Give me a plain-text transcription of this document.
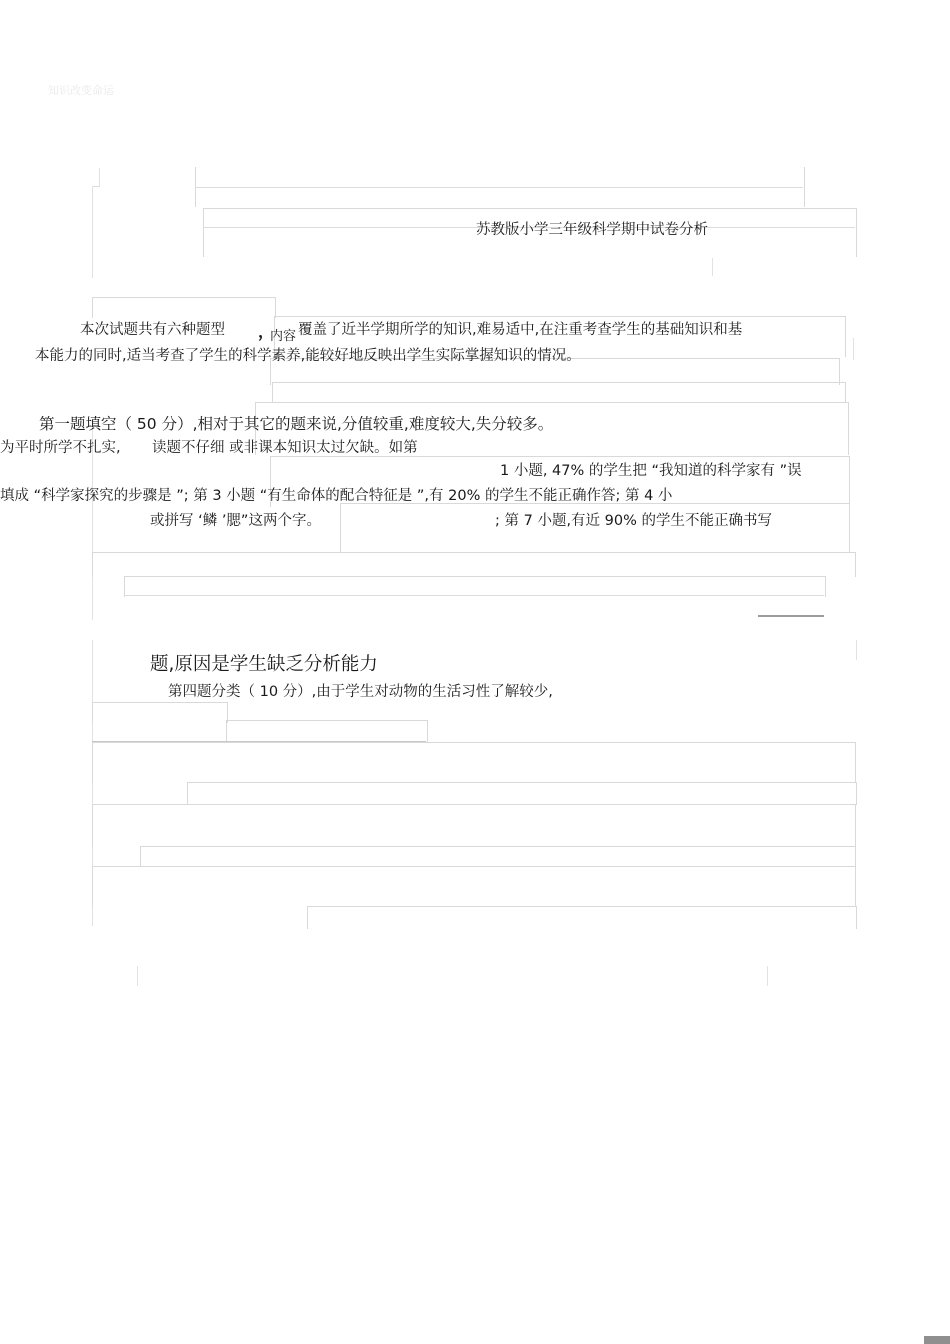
知识改变命运
苏教版小学三年级科学期中试卷分析
本次试题共有六种题型 ，
内容 覆盖了近半学期所学的知识,难易适中,在注重考查学生的基础知识和基
本能力的同时,适当考查了学生的科学素养,能较好地反映出学生实际掌握知识的情况。
第一题填空（ 50 分）,相对于其它的题来说,分值较重,难度较大,失分较多。
为平时所学不扎实, 读题不仔细 或非课本知识太过欠缺。如第
1 小题, 47% 的学生把 “我知道的科学家有 ”误
填成 “科学家探究的步骤是 ”; 第 3 小题 “有生命体的配合特征是 ”,有 20% 的学生不能正确作答; 第 4 小
或拼写 ‘鳞 ’腮”这两个字。	; 第 7 小题,有近 90% 的学生不能正确书写
题,原因是学生缺乏分析能力
第四题分类（ 10 分）,由于学生对动物的生活习性了解较少,
